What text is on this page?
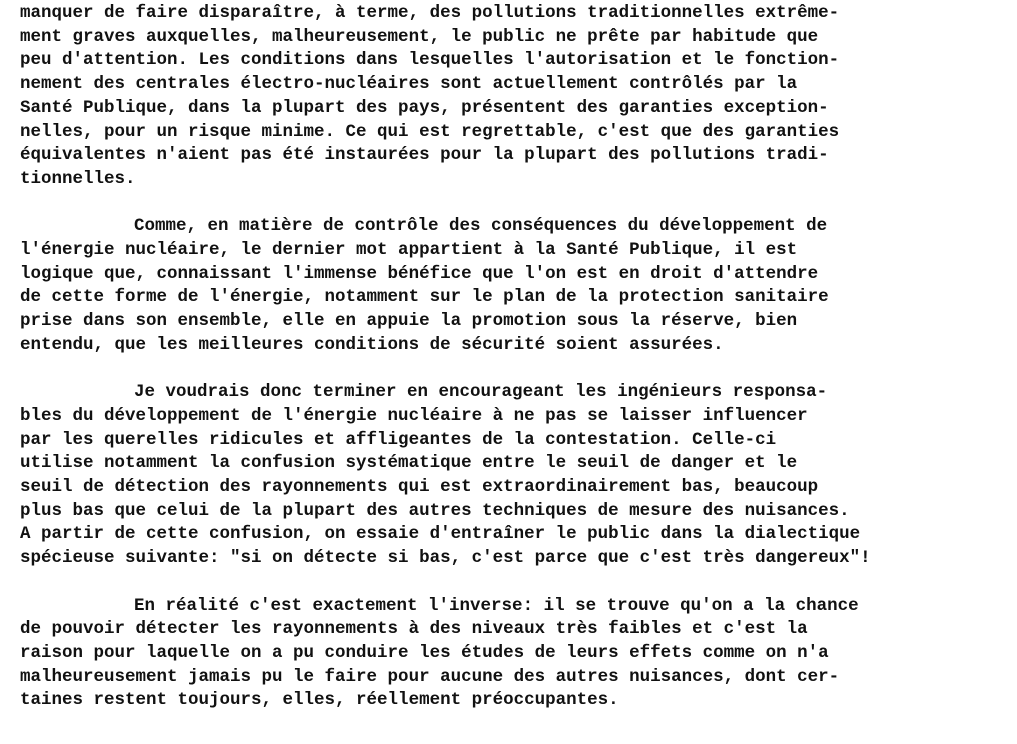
manquer de faire disparaître, à terme, des pollutions traditionnelles extrême-
ment graves auxquelles, malheureusement, le public ne prête par habitude que
peu d'attention. Les conditions dans lesquelles l'autorisation et le fonction-
nement des centrales électro-nucléaires sont actuellement contrôlés par la
Santé Publique, dans la plupart des pays, présentent des garanties exception-
nelles, pour un risque minime. Ce qui est regrettable, c'est que des garanties
équivalentes n'aient pas été instaurées pour la plupart des pollutions tradi-
tionnelles.
Comme, en matière de contrôle des conséquences du développement de
l'énergie nucléaire, le dernier mot appartient à la Santé Publique, il est
logique que, connaissant l'immense bénéfice que l'on est en droit d'attendre
de cette forme de l'énergie, notamment sur le plan de la protection sanitaire
prise dans son ensemble, elle en appuie la promotion sous la réserve, bien
entendu, que les meilleures conditions de sécurité soient assurées.
Je voudrais donc terminer en encourageant les ingénieurs responsa-
bles du développement de l'énergie nucléaire à ne pas se laisser influencer
par les querelles ridicules et affligeantes de la contestation. Celle-ci
utilise notamment la confusion systématique entre le seuil de danger et le
seuil de détection des rayonnements qui est extraordinairement bas, beaucoup
plus bas que celui de la plupart des autres techniques de mesure des nuisances.
A partir de cette confusion, on essaie d'entraîner le public dans la dialectique
spécieuse suivante: "si on détecte si bas, c'est parce que c'est très dangereux"!
En réalité c'est exactement l'inverse: il se trouve qu'on a la chance
de pouvoir détecter les rayonnements à des niveaux très faibles et c'est la
raison pour laquelle on a pu conduire les études de leurs effets comme on n'a
malheureusement jamais pu le faire pour aucune des autres nuisances, dont cer-
taines restent toujours, elles, réellement préoccupantes.
